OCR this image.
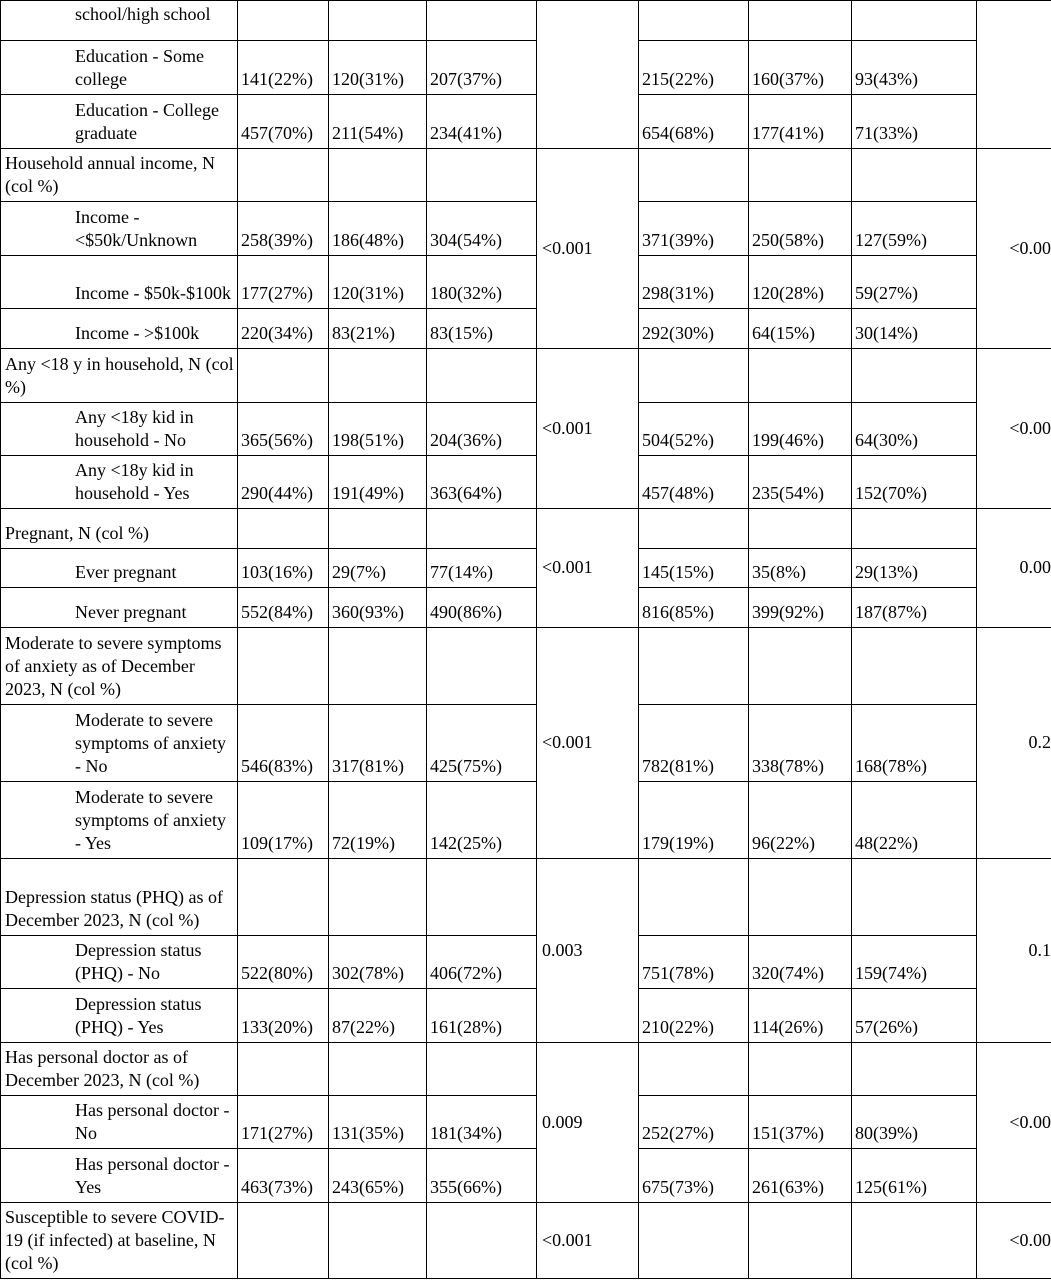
school/high school								
Education - Some college	141(22%)	120(31%)	207(37%)		215(22%)	160(37%)	93(43%)	
Education - College graduate	457(70%)	211(54%)	234(41%)		654(68%)	177(41%)	71(33%)	
Household annual income, N (col %)				<0.001				<0.00
Income - <$50k/Unknown	258(39%)	186(48%)	304(54%)		371(39%)	250(58%)	127(59%)	
Income - $50k-$100k	177(27%)	120(31%)	180(32%)		298(31%)	120(28%)	59(27%)	
Income - >$100k	220(34%)	83(21%)	83(15%)		292(30%)	64(15%)	30(14%)	
Any <18 y in household, N (col %)				<0.001				<0.00
Any <18y kid in household - No	365(56%)	198(51%)	204(36%)		504(52%)	199(46%)	64(30%)	
Any <18y kid in household - Yes	290(44%)	191(49%)	363(64%)		457(48%)	235(54%)	152(70%)	
Pregnant, N (col %)				<0.001				0.00
Ever pregnant	103(16%)	29(7%)	77(14%)		145(15%)	35(8%)	29(13%)	
Never pregnant	552(84%)	360(93%)	490(86%)		816(85%)	399(92%)	187(87%)	
Moderate to severe symptoms of anxiety as of December 2023, N (col %)				<0.001				0.2
Moderate to severe symptoms of anxiety - No	546(83%)	317(81%)	425(75%)		782(81%)	338(78%)	168(78%)	
Moderate to severe symptoms of anxiety - Yes	109(17%)	72(19%)	142(25%)		179(19%)	96(22%)	48(22%)	
Depression status (PHQ) as of December 2023, N (col %)				0.003				0.1
Depression status (PHQ) - No	522(80%)	302(78%)	406(72%)		751(78%)	320(74%)	159(74%)	
Depression status (PHQ) - Yes	133(20%)	87(22%)	161(28%)		210(22%)	114(26%)	57(26%)	
Has personal doctor as of December 2023, N (col %)				0.009				<0.00
Has personal doctor - No	171(27%)	131(35%)	181(34%)		252(27%)	151(37%)	80(39%)	
Has personal doctor - Yes	463(73%)	243(65%)	355(66%)		675(73%)	261(63%)	125(61%)	
Susceptible to severe COVID-19 (if infected) at baseline, N (col %)				<0.001				<0.00
